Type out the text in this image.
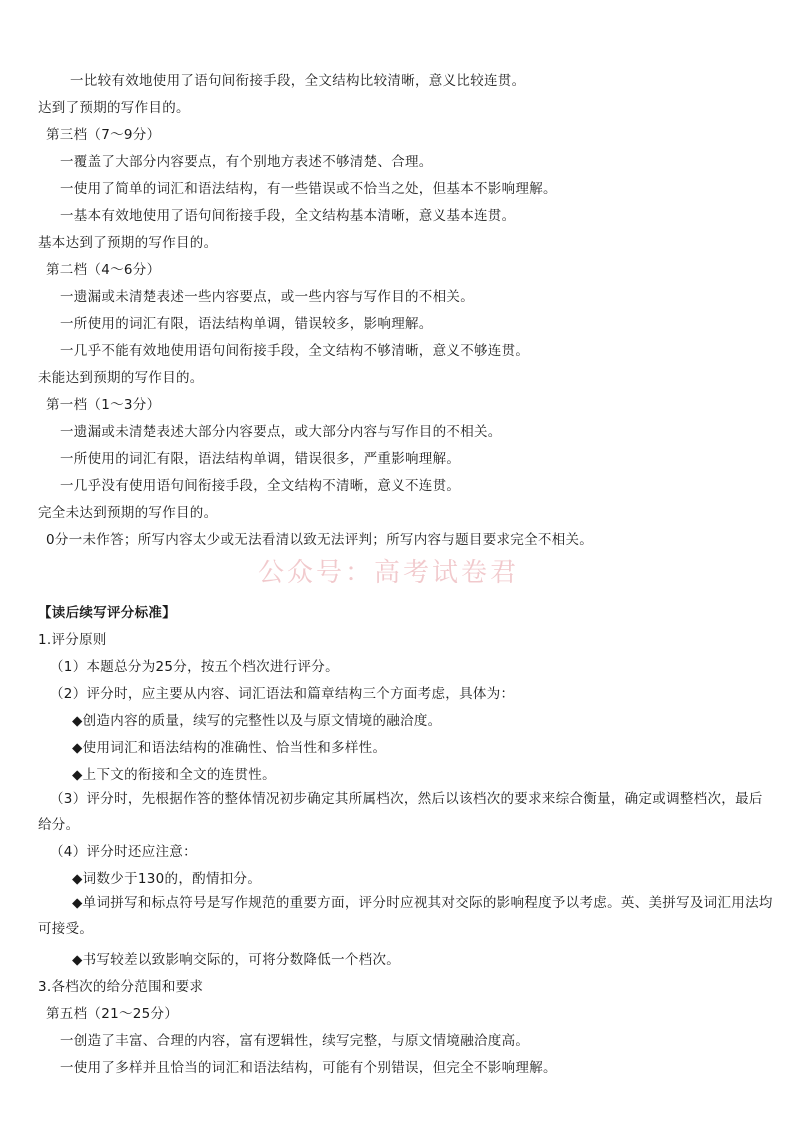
一比较有效地使用了语句间衔接手段，全文结构比较清晰，意义比较连贯。
达到了预期的写作目的。
第三档（7～9分）
一覆盖了大部分内容要点，有个别地方表述不够清楚、合理。
一使用了简单的词汇和语法结构，有一些错误或不恰当之处，但基本不影响理解。
一基本有效地使用了语句间衔接手段，全文结构基本清晰，意义基本连贯。
基本达到了预期的写作目的。
第二档（4～6分）
一遗漏或未清楚表述一些内容要点，或一些内容与写作目的不相关。
一所使用的词汇有限，语法结构单调，错误较多，影响理解。
一几乎不能有效地使用语句间衔接手段，全文结构不够清晰，意义不够连贯。
未能达到预期的写作目的。
第一档（1～3分）
一遗漏或未清楚表述大部分内容要点，或大部分内容与写作目的不相关。
一所使用的词汇有限，语法结构单调，错误很多，严重影响理解。
一几乎没有使用语句间衔接手段，全文结构不清晰，意义不连贯。
完全未达到预期的写作目的。
0分一未作答；所写内容太少或无法看清以致无法评判；所写内容与题目要求完全不相关。
公众号：高考试卷君
【读后续写评分标准】
1.评分原则
（1）本题总分为25分，按五个档次进行评分。
（2）评分时，应主要从内容、词汇语法和篇章结构三个方面考虑，具体为：
◆创造内容的质量，续写的完整性以及与原文情境的融洽度。
◆使用词汇和语法结构的准确性、恰当性和多样性。
◆上下文的衔接和全文的连贯性。
（3）评分时，先根据作答的整体情况初步确定其所属档次，然后以该档次的要求来综合衡量，确定或调整档次，最后给分。
（4）评分时还应注意：
◆词数少于130的，酌情扣分。
◆单词拼写和标点符号是写作规范的重要方面，评分时应视其对交际的影响程度予以考虑。英、美拼写及词汇用法均可接受。
◆书写较差以致影响交际的，可将分数降低一个档次。
3.各档次的给分范围和要求
第五档（21～25分）
一创造了丰富、合理的内容，富有逻辑性，续写完整，与原文情境融洽度高。
一使用了多样并且恰当的词汇和语法结构，可能有个别错误，但完全不影响理解。
